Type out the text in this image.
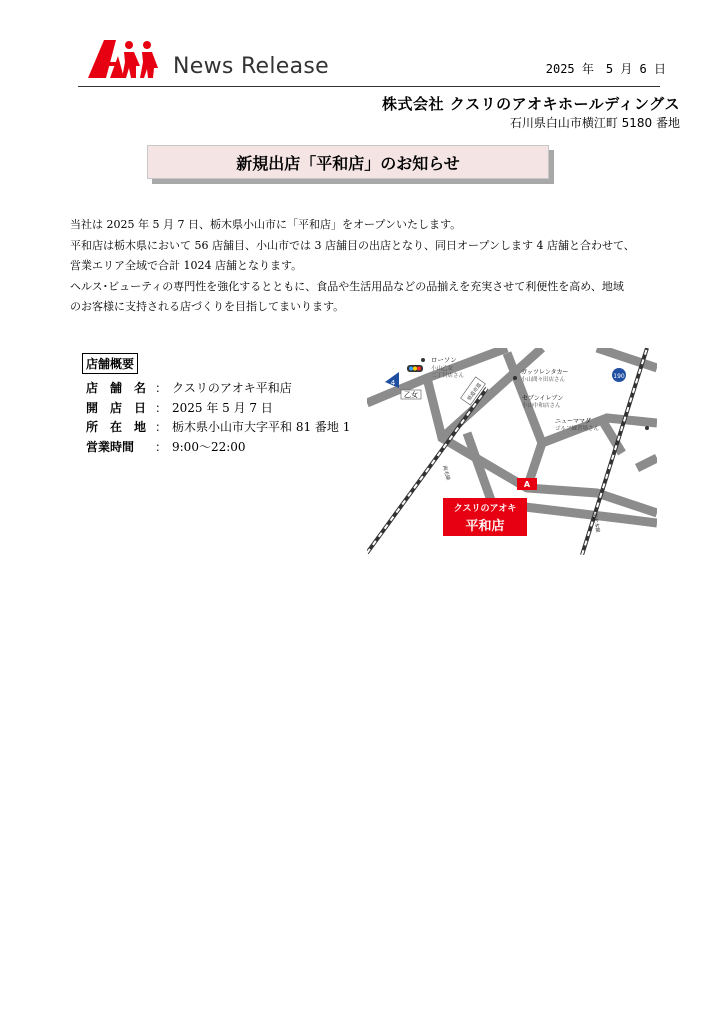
News Release	2025 年　5 月 6 日
株式会社 クスリのアオキホールディングス
石川県白山市横江町 5180 番地
新規出店「平和店」のお知らせ

当社は 2025 年 5 月 7 日、栃木県小山市に「平和店」をオープンいたします。

平和店は栃木県において 56 店舗目、小山市では 3 店舗目の出店となり、同日オープンします 4 店舗と合わせて、

営業エリア全域で合計 1024 店舗となります。

ヘルス･ビューティの専門性を強化するとともに、食品や生活用品などの品揃えを充実させて利便性を高め、地域

のお客様に支持される店づくりを目指してまいります。

店舗概要
店　舗　名 ： クスリのアオキ平和店
開　店　日 ： 2025 年 5 月 7 日
所　在　地 ： 栃木県小山市大字平和 81 番地 1
営業時間	： 9:00～22:00
4
190
乙女
ローソン
小山乙女
二丁目店さん	ガッツレンタカー
小山間々田店さん
セブンイレブン
小山中和店さん
ニューママダ
ゴルフ練習場さん
県道市道
両毛線
東北本線
A
クスリのアオキ
平和店
